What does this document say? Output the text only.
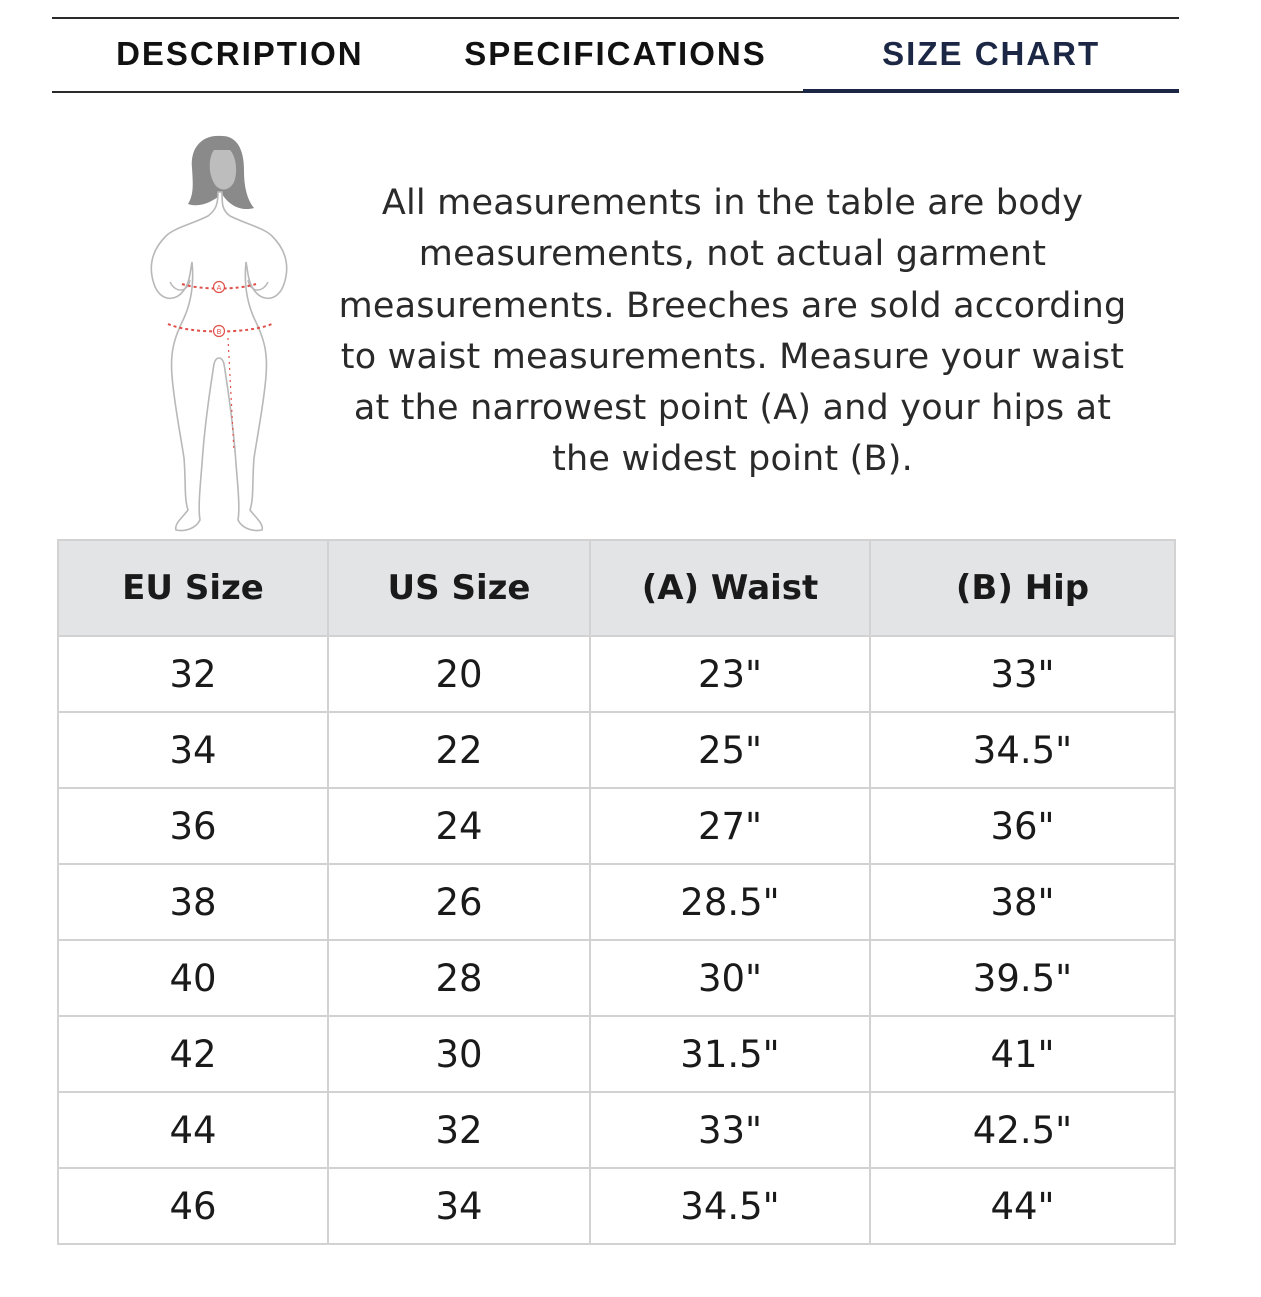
DESCRIPTION	SPECIFICATIONS	SIZE CHART
A
B
All measurements in the table are body measurements, not actual garment measurements. Breeches are sold according to waist measurements. Measure your waist at the narrowest point (A) and your hips at the widest point (B).
EU Size	US Size	(A) Waist	(B) Hip
32	20	23"	33"
34	22	25"	34.5"
36	24	27"	36"
38	26	28.5"	38"
40	28	30"	39.5"
42	30	31.5"	41"
44	32	33"	42.5"
46	34	34.5"	44"
